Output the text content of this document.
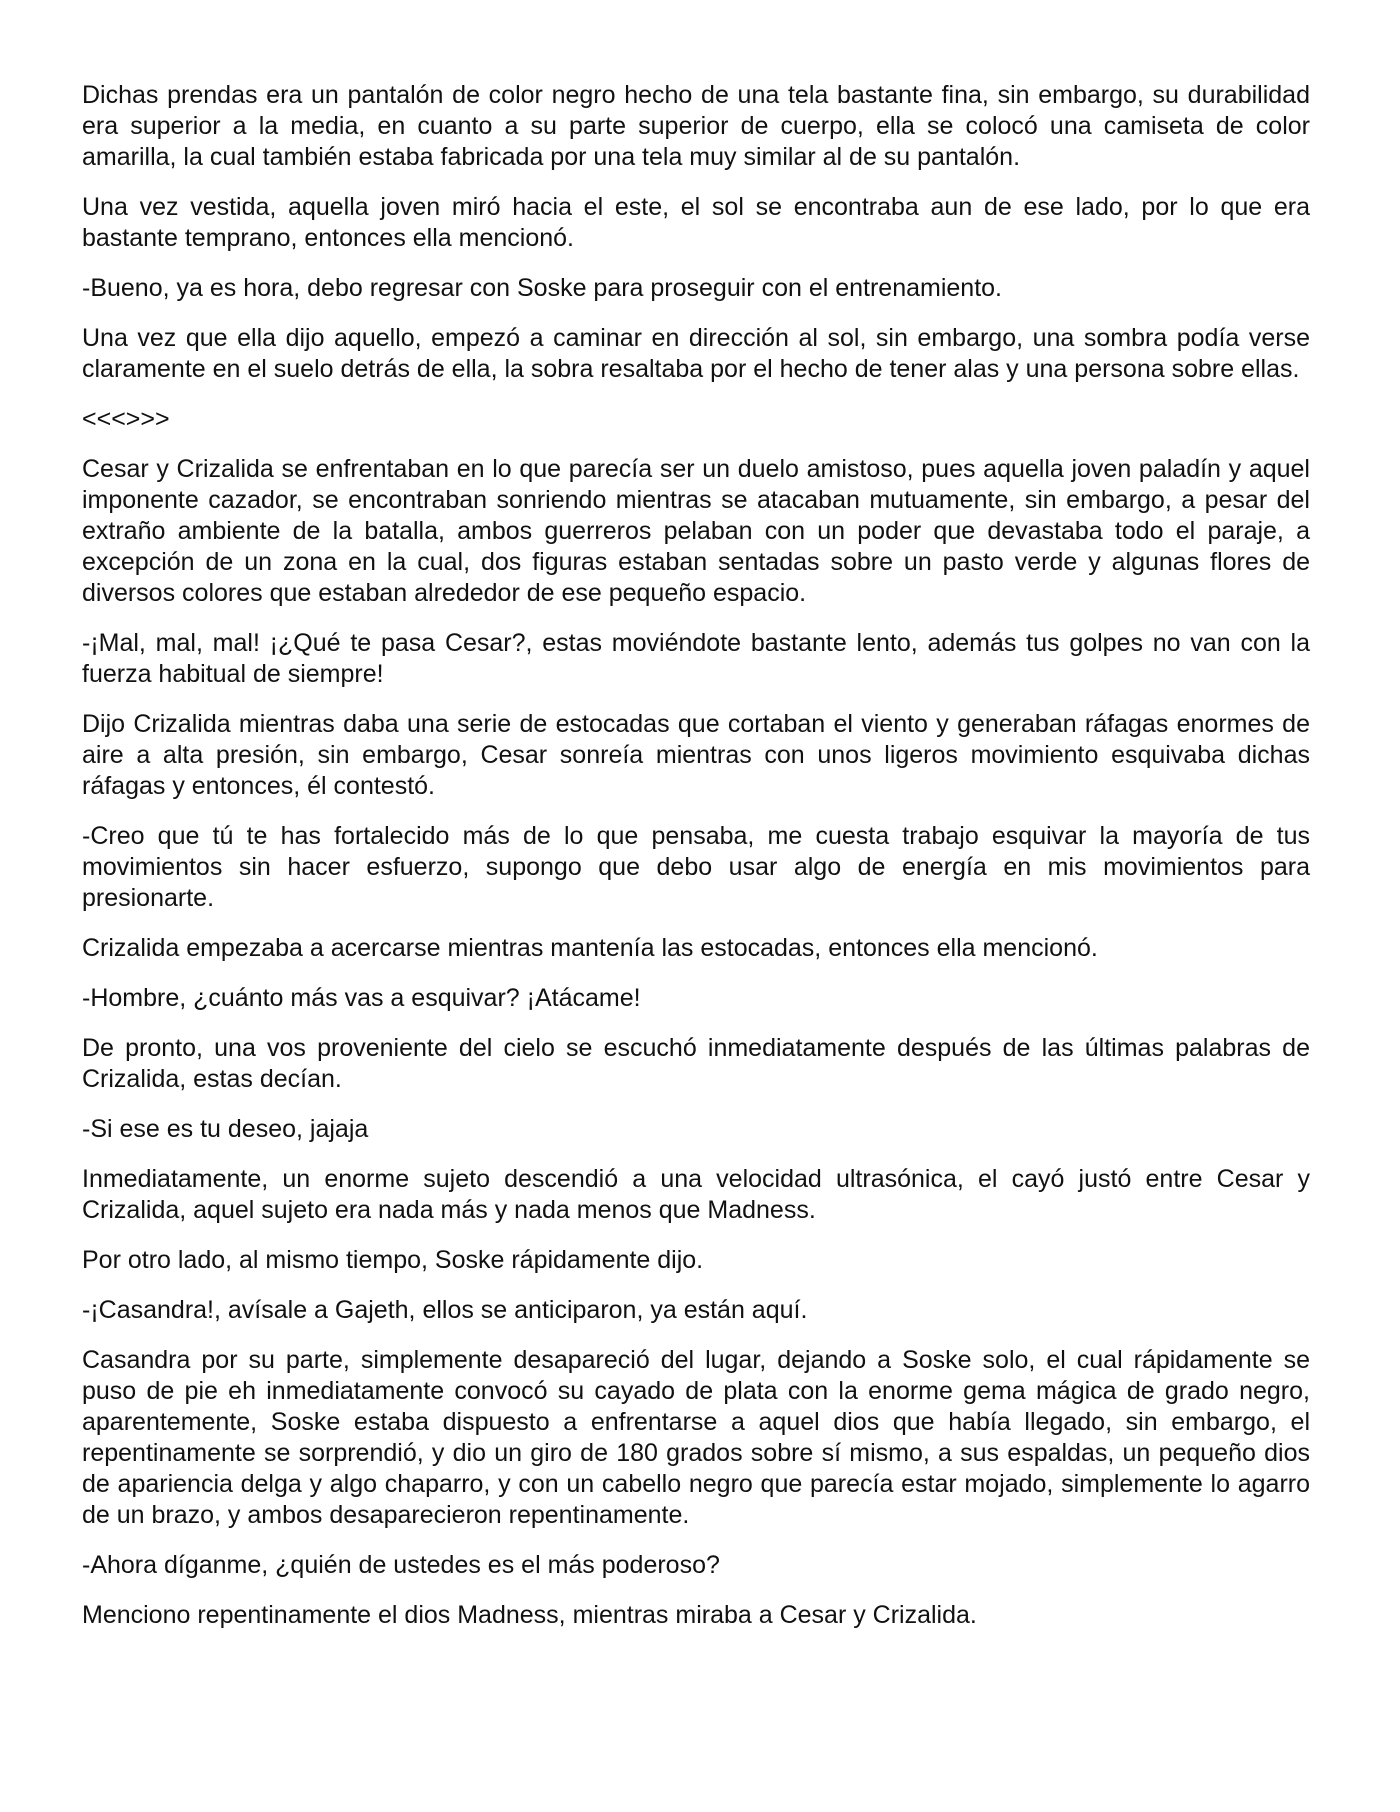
Dichas prendas era un pantalón de color negro hecho de una tela bastante fina, sin embargo, su durabilidad era superior a la media, en cuanto a su parte superior de cuerpo, ella se colocó una camiseta de color amarilla, la cual también estaba fabricada por una tela muy similar al de su pantalón.

Una vez vestida, aquella joven miró hacia el este, el sol se encontraba aun de ese lado, por lo que era bastante temprano, entonces ella mencionó.

-Bueno, ya es hora, debo regresar con Soske para proseguir con el entrenamiento.

Una vez que ella dijo aquello, empezó a caminar en dirección al sol, sin embargo, una sombra podía verse claramente en el suelo detrás de ella, la sobra resaltaba por el hecho de tener alas y una persona sobre ellas.

<<<>>>

Cesar y Crizalida se enfrentaban en lo que parecía ser un duelo amistoso, pues aquella joven paladín y aquel imponente cazador, se encontraban sonriendo mientras se atacaban mutuamente, sin embargo, a pesar del extraño ambiente de la batalla, ambos guerreros pelaban con un poder que devastaba todo el paraje, a excepción de un zona en la cual, dos figuras estaban sentadas sobre un pasto verde y algunas flores de diversos colores que estaban alrededor de ese pequeño espacio.

-¡Mal, mal, mal! ¡¿Qué te pasa Cesar?, estas moviéndote bastante lento, además tus golpes no van con la fuerza habitual de siempre!

Dijo Crizalida mientras daba una serie de estocadas que cortaban el viento y generaban ráfagas enormes de aire a alta presión, sin embargo, Cesar sonreía mientras con unos ligeros movimiento esquivaba dichas ráfagas y entonces, él contestó.

-Creo que tú te has fortalecido más de lo que pensaba, me cuesta trabajo esquivar la mayoría de tus movimientos sin hacer esfuerzo, supongo que debo usar algo de energía en mis movimientos para presionarte.

Crizalida empezaba a acercarse mientras mantenía las estocadas, entonces ella mencionó.

-Hombre, ¿cuánto más vas a esquivar? ¡Atácame!

De pronto, una vos proveniente del cielo se escuchó inmediatamente después de las últimas palabras de Crizalida, estas decían.

-Si ese es tu deseo, jajaja

Inmediatamente, un enorme sujeto descendió a una velocidad ultrasónica, el cayó justó entre Cesar y Crizalida, aquel sujeto era nada más y nada menos que Madness.

Por otro lado, al mismo tiempo, Soske rápidamente dijo.

-¡Casandra!, avísale a Gajeth, ellos se anticiparon, ya están aquí.

Casandra por su parte, simplemente desapareció del lugar, dejando a Soske solo, el cual rápidamente se puso de pie eh inmediatamente convocó su cayado de plata con la enorme gema mágica de grado negro, aparentemente, Soske estaba dispuesto a enfrentarse a aquel dios que había llegado, sin embargo, el repentinamente se sorprendió, y dio un giro de 180 grados sobre sí mismo, a sus espaldas, un pequeño dios de apariencia delga y algo chaparro, y con un cabello negro que parecía estar mojado, simplemente lo agarro de un brazo, y ambos desaparecieron repentinamente.

-Ahora díganme, ¿quién de ustedes es el más poderoso?

Menciono repentinamente el dios Madness, mientras miraba a Cesar y Crizalida.
